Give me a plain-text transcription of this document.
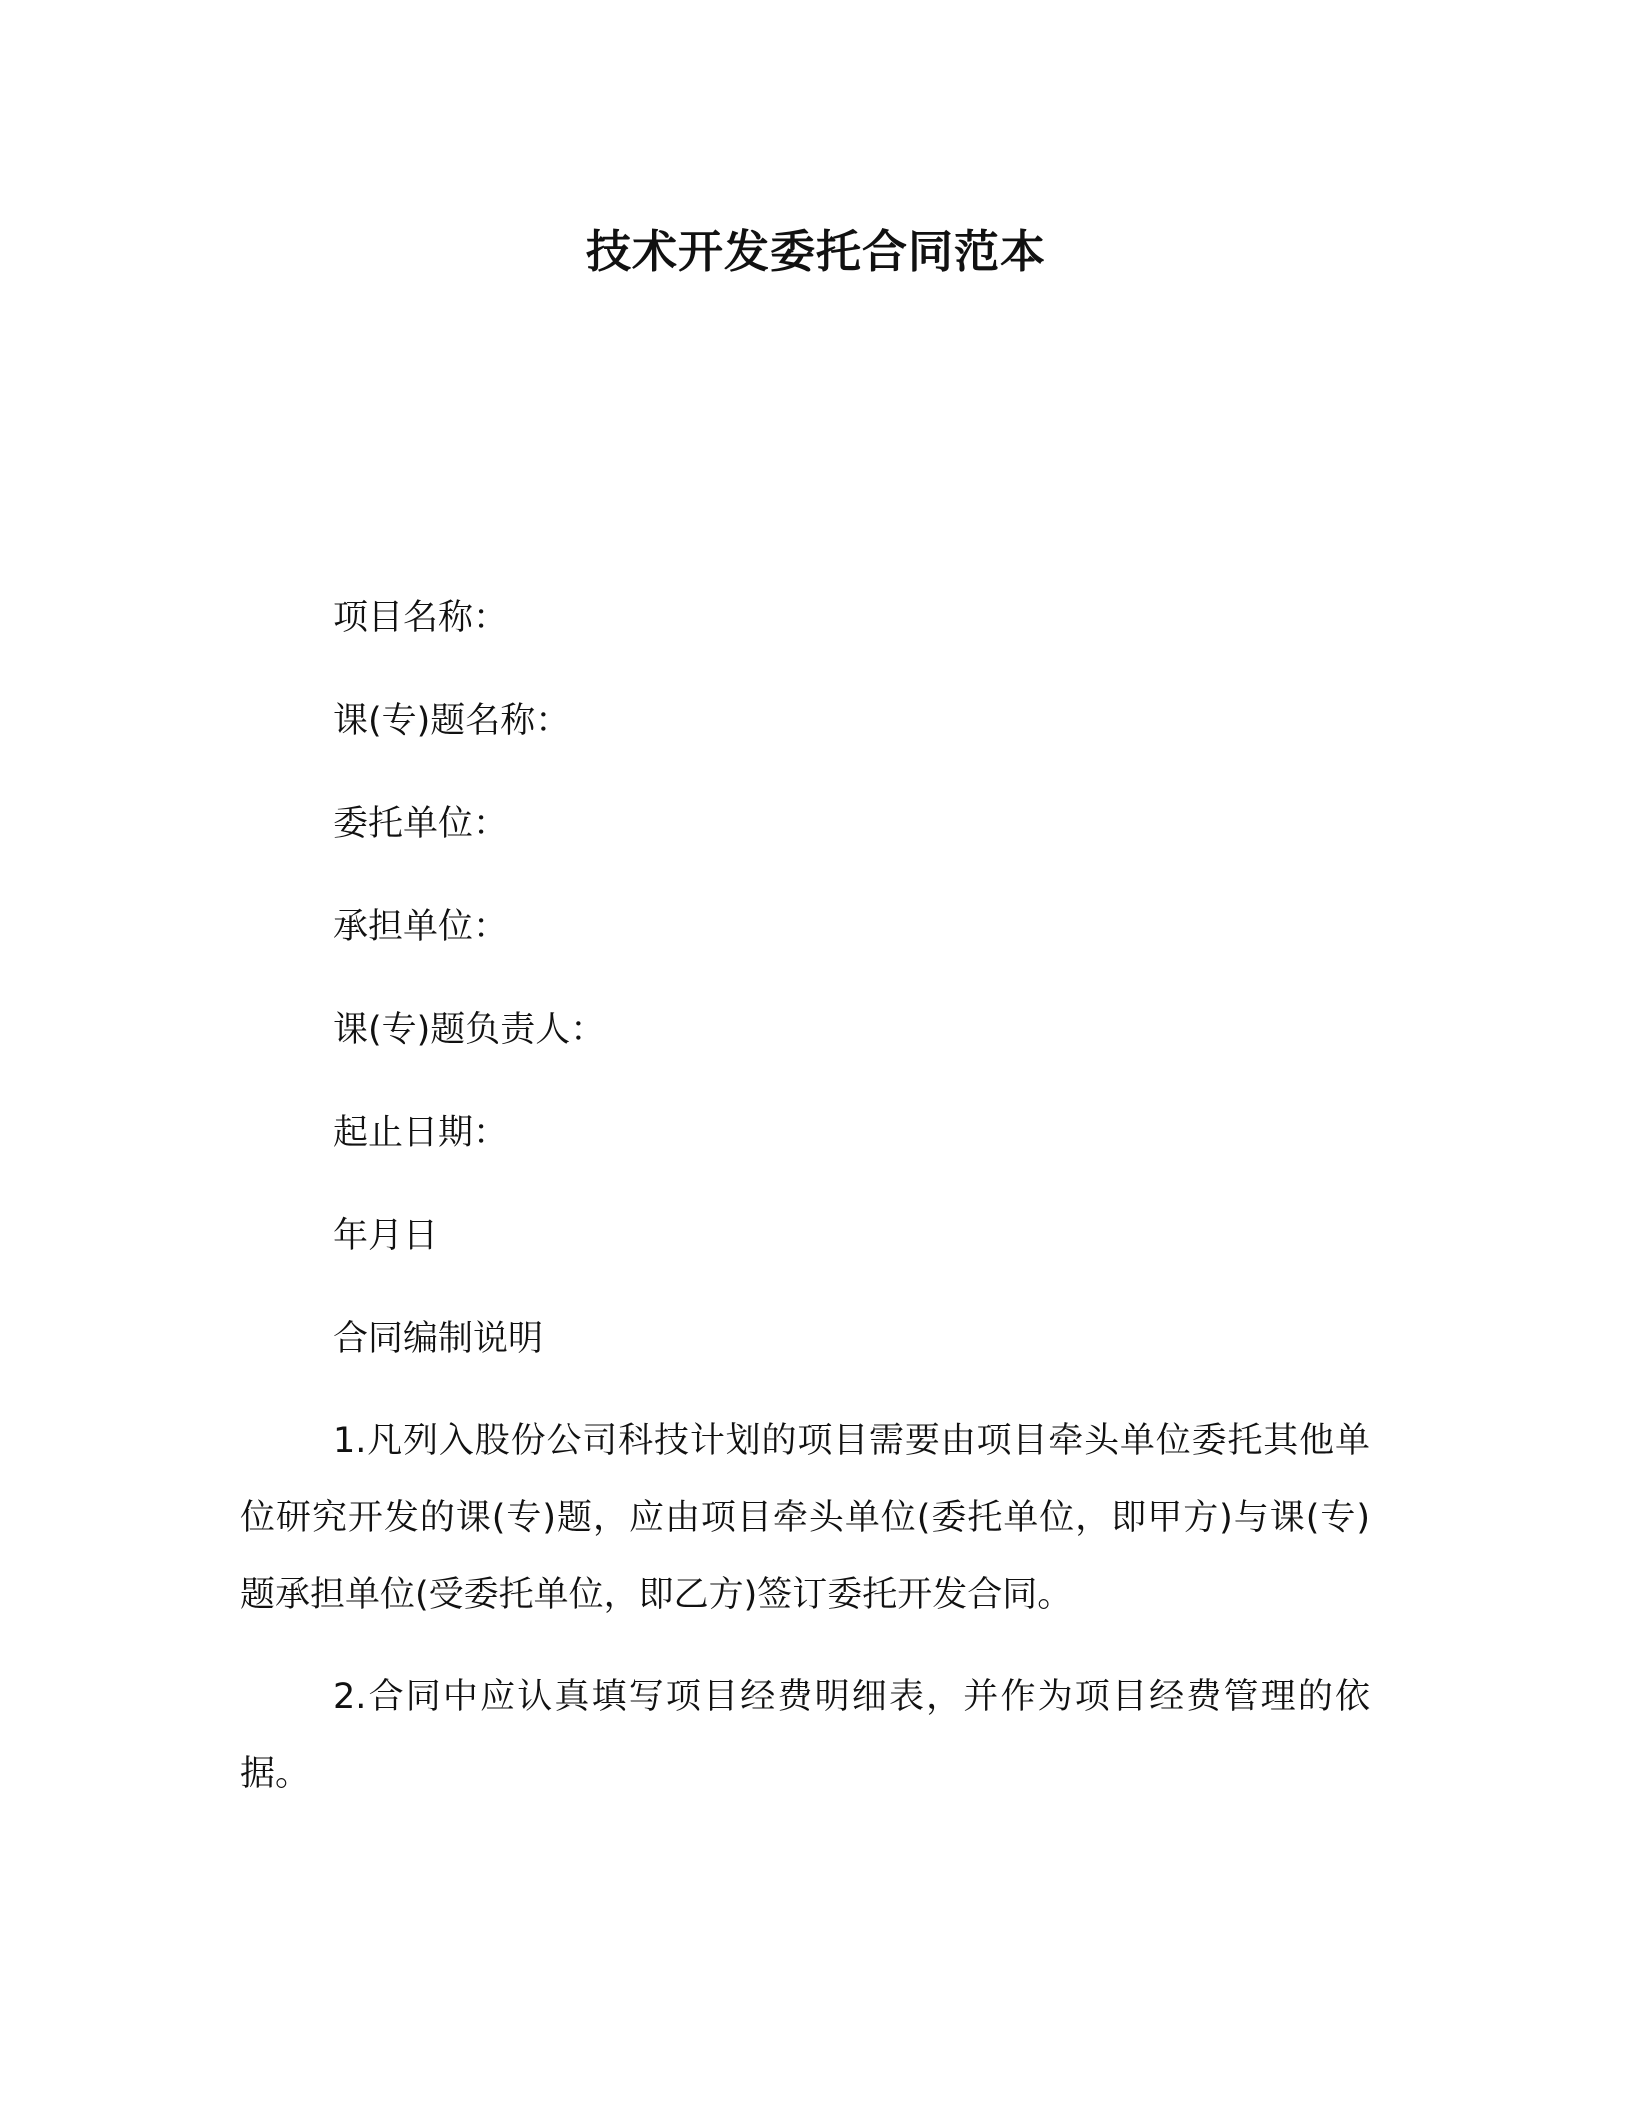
技术开发委托合同范本

项目名称：

课(专)题名称：

委托单位：

承担单位：

课(专)题负责人：

起止日期：

年月日

合同编制说明

1.凡列入股份公司科技计划的项目需要由项目牵头单位委托其他单位研究开发的课(专)题，应由项目牵头单位(委托单位，即甲方)与课(专)题承担单位(受委托单位，即乙方)签订委托开发合同。

2.合同中应认真填写项目经费明细表，并作为项目经费管理的依据。
